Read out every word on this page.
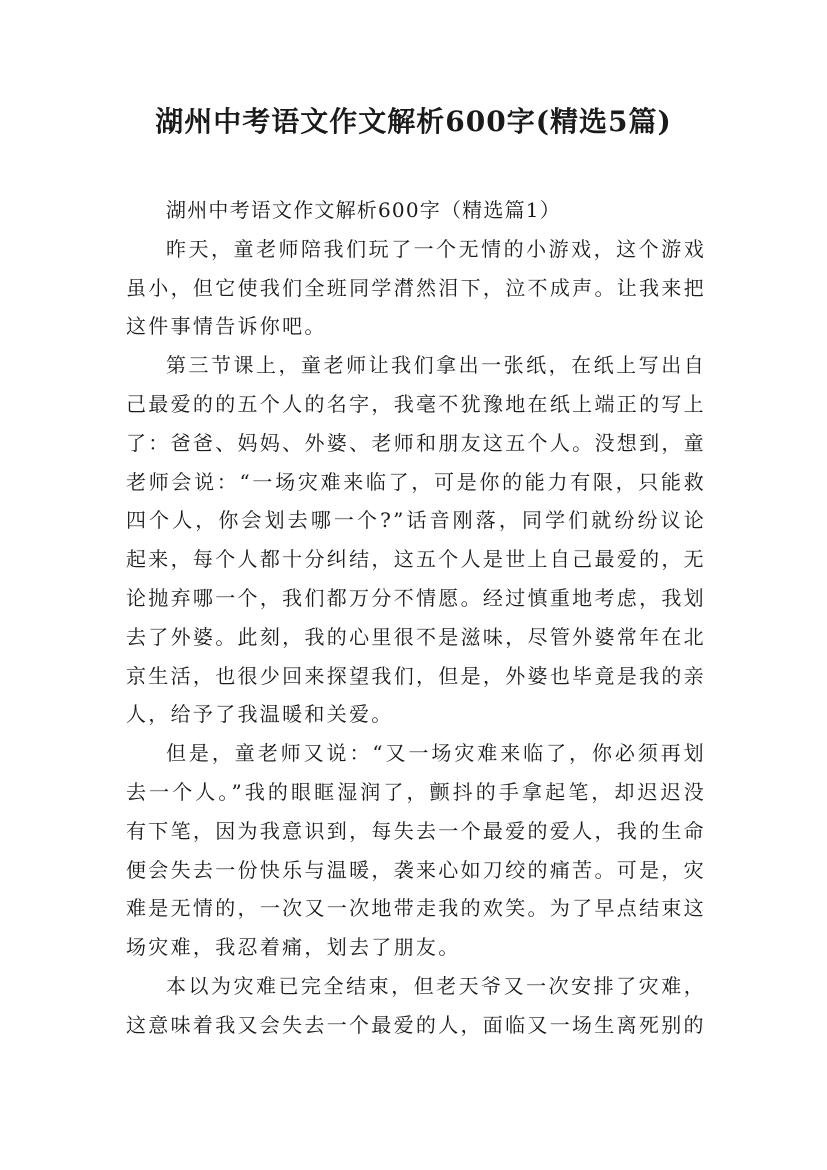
湖州中考语文作文解析600字(精选5篇)

湖州中考语文作文解析600字（精选篇1）

昨天，童老师陪我们玩了一个无情的小游戏，这个游戏虽小，但它使我们全班同学潸然泪下，泣不成声。让我来把这件事情告诉你吧。

第三节课上，童老师让我们拿出一张纸，在纸上写出自己最爱的的五个人的名字，我毫不犹豫地在纸上端正的写上了：爸爸、妈妈、外婆、老师和朋友这五个人。没想到，童老师会说：“一场灾难来临了，可是你的能力有限，只能救四个人，你会划去哪一个?”话音刚落，同学们就纷纷议论起来，每个人都十分纠结，这五个人是世上自己最爱的，无论抛弃哪一个，我们都万分不情愿。经过慎重地考虑，我划去了外婆。此刻，我的心里很不是滋味，尽管外婆常年在北京生活，也很少回来探望我们，但是，外婆也毕竟是我的亲人，给予了我温暖和关爱。

但是，童老师又说：“又一场灾难来临了，你必须再划去一个人。”我的眼眶湿润了，颤抖的手拿起笔，却迟迟没有下笔，因为我意识到，每失去一个最爱的爱人，我的生命便会失去一份快乐与温暖，袭来心如刀绞的痛苦。可是，灾难是无情的，一次又一次地带走我的欢笑。为了早点结束这场灾难，我忍着痛，划去了朋友。

本以为灾难已完全结束，但老天爷又一次安排了灾难，这意味着我又会失去一个最爱的人，面临又一场生离死别的
